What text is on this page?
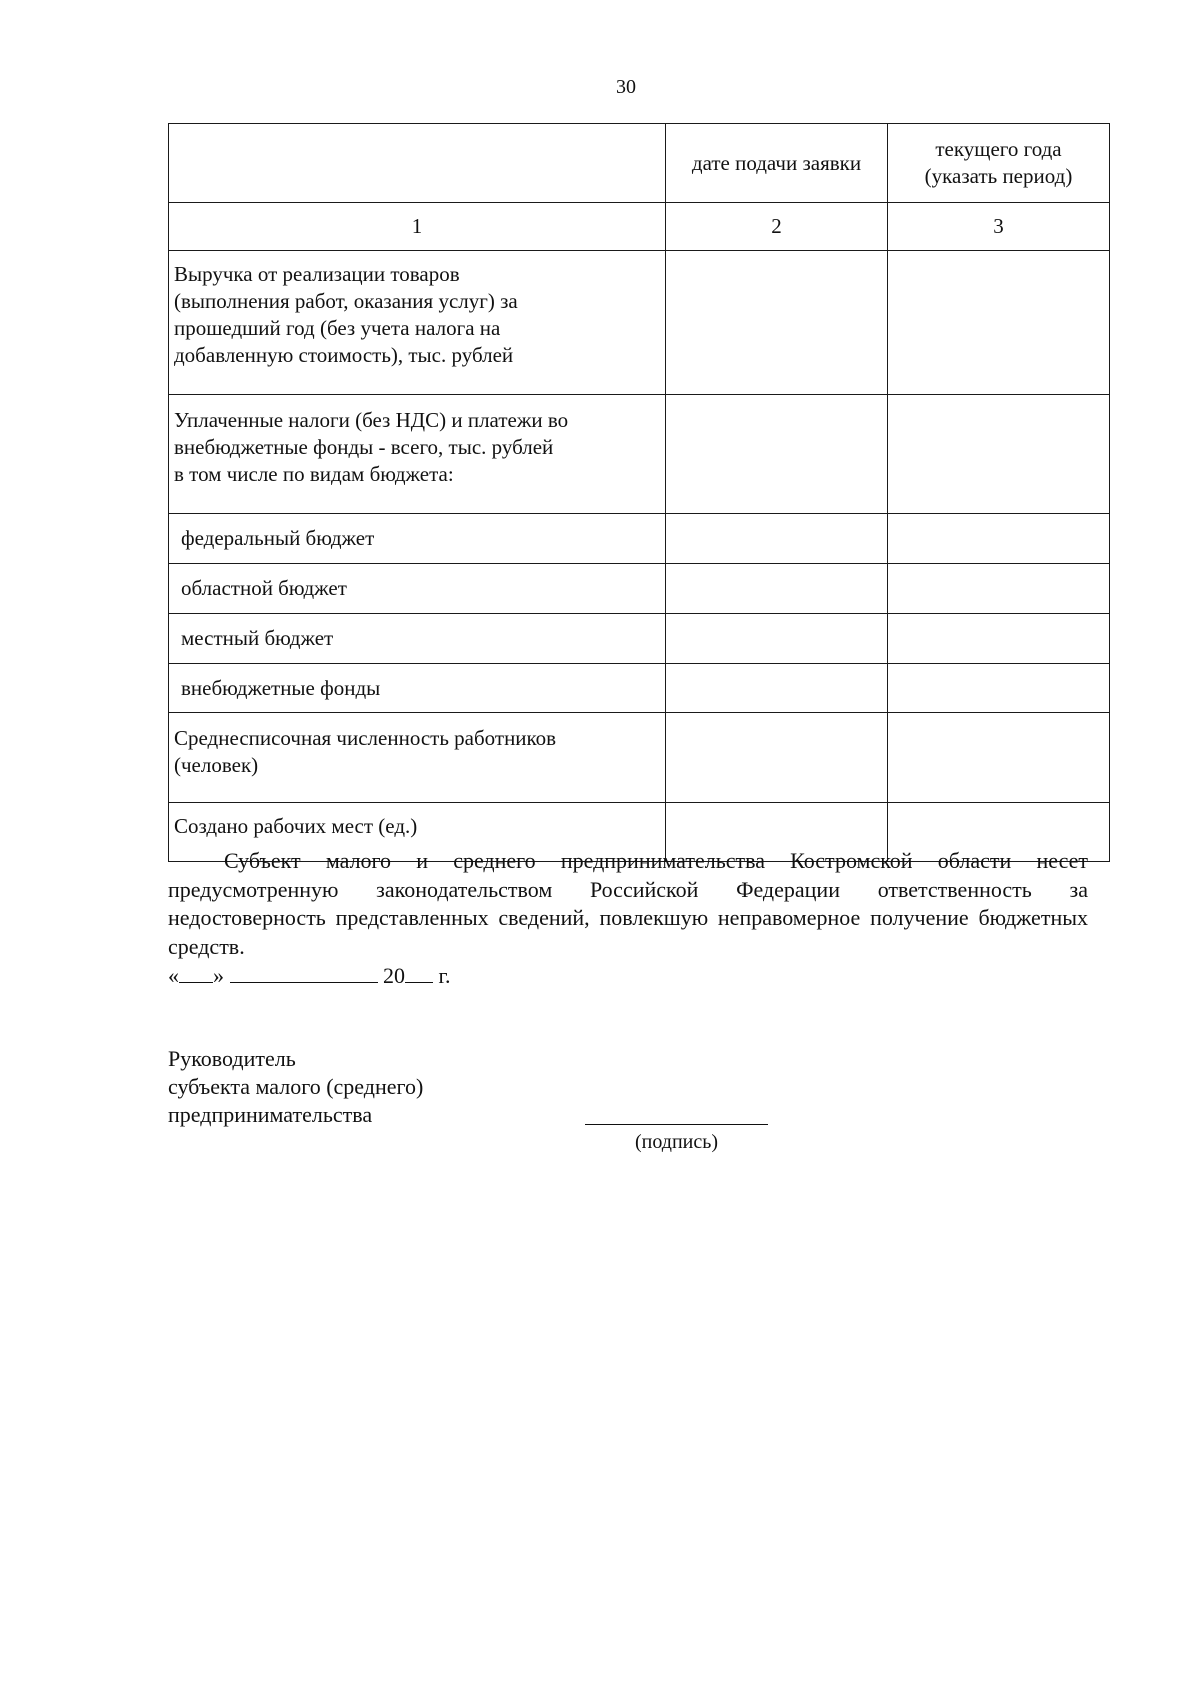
30
	дате подачи заявки	текущего года
(указать период)

1	2	3

Выручка от реализации товаров
(выполнения работ, оказания услуг) за
прошедший год (без учета налога на
добавленную стоимость), тыс. рублей		

Уплаченные налоги (без НДС) и платежи во
внебюджетные фонды - всего, тыс. рублей
в том числе по видам бюджета:		

федеральный бюджет		
областной бюджет		
местный бюджет		
внебюджетные фонды		

Среднесписочная численность работников
(человек)		

Создано рабочих мест (ед.)		
Субъект малого и среднего предпринимательства Костромской области несет предусмотренную законодательством Российской Федерации ответственность за недостоверность представленных сведений, повлекшую неправомерное получение бюджетных средств.
« »	20 г.
Руководитель
субъекта малого (среднего)
предпринимательства
(подпись)
